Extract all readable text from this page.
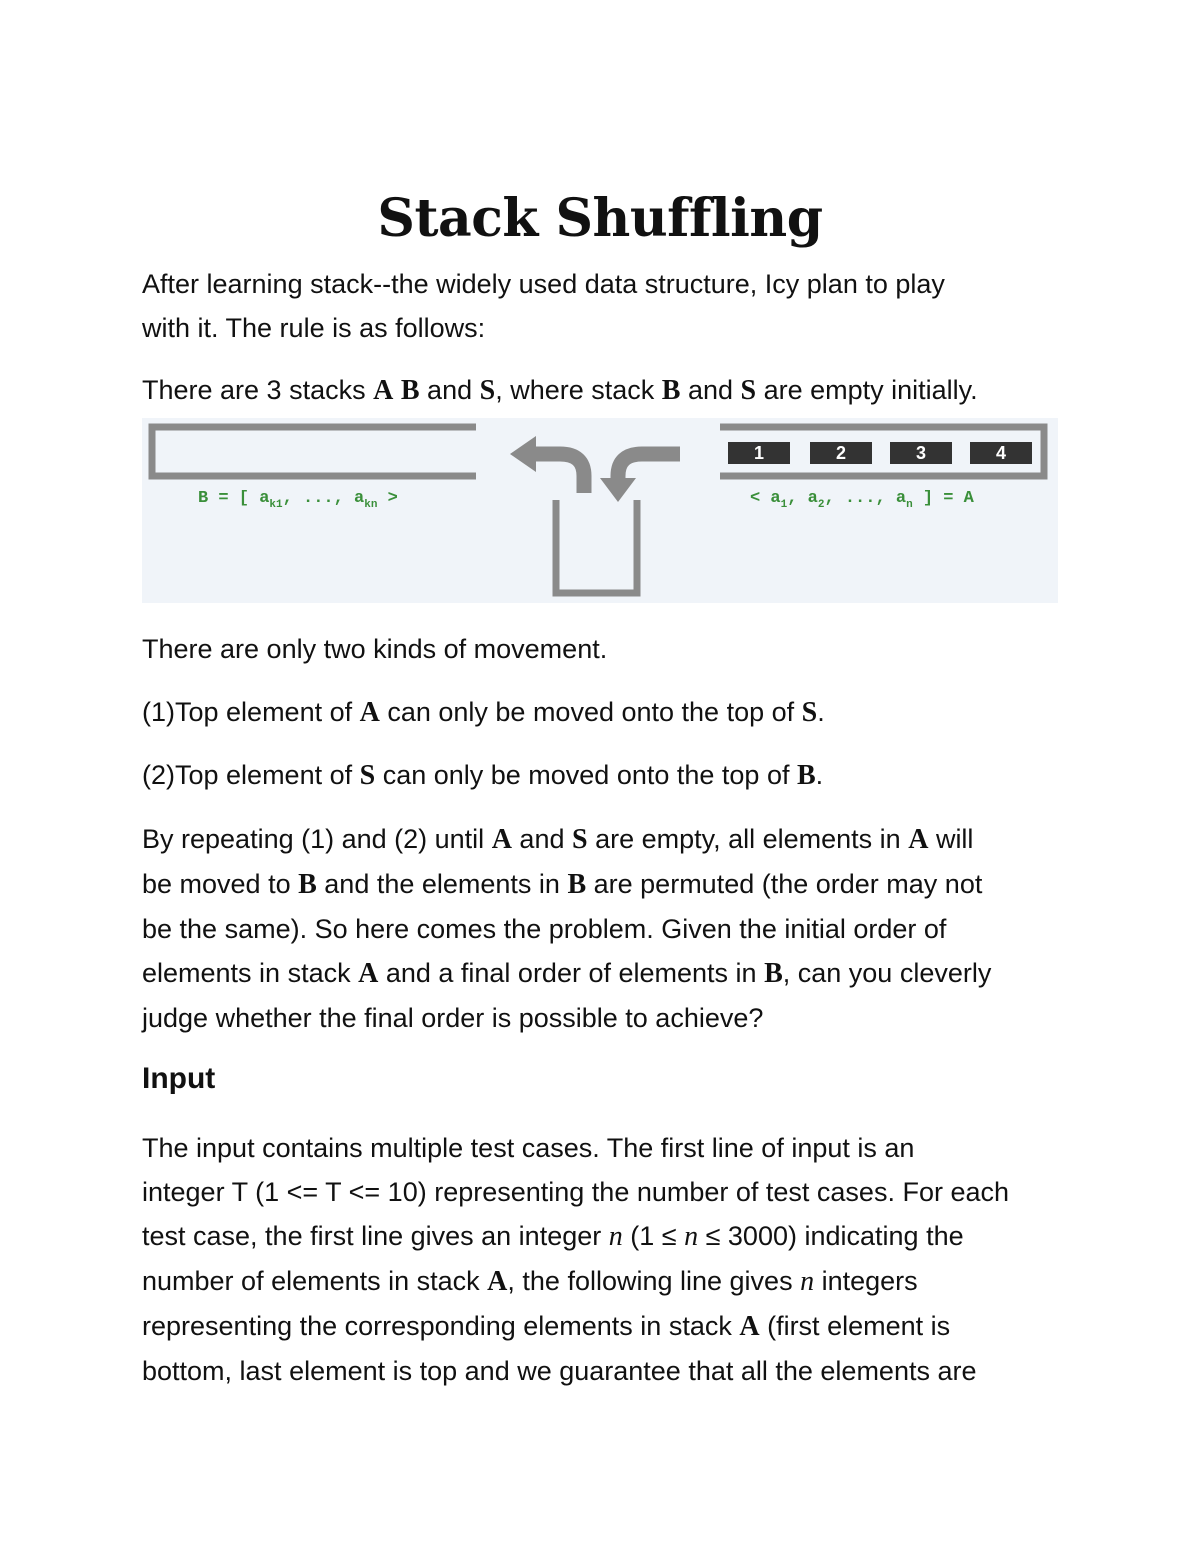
Stack Shuffling

After learning stack--the widely used data structure, Icy plan to play
with it. The rule is as follows:

There are 3 stacks A B and S, where stack B and S are empty initially.

1	2	3	4
B = [ $a_{k1}$, ..., $a_{kn}$ >	< $a_1$, $a_2$, ..., $a_n$ ] = A

There are only two kinds of movement.

(1)Top element of A can only be moved onto the top of S.

(2)Top element of S can only be moved onto the top of B.

By repeating (1) and (2) until A and S are empty, all elements in A will
be moved to B and the elements in B are permuted (the order may not
be the same). So here comes the problem. Given the initial order of
elements in stack A and a final order of elements in B, can you cleverly
judge whether the final order is possible to achieve?

Input

The input contains multiple test cases. The first line of input is an
integer T (1 <= T <= 10) representing the number of test cases. For each
test case, the first line gives an integer n (1 ≤ n ≤ 3000) indicating the
number of elements in stack A, the following line gives n integers
representing the corresponding elements in stack A (first element is
bottom, last element is top and we guarantee that all the elements are
